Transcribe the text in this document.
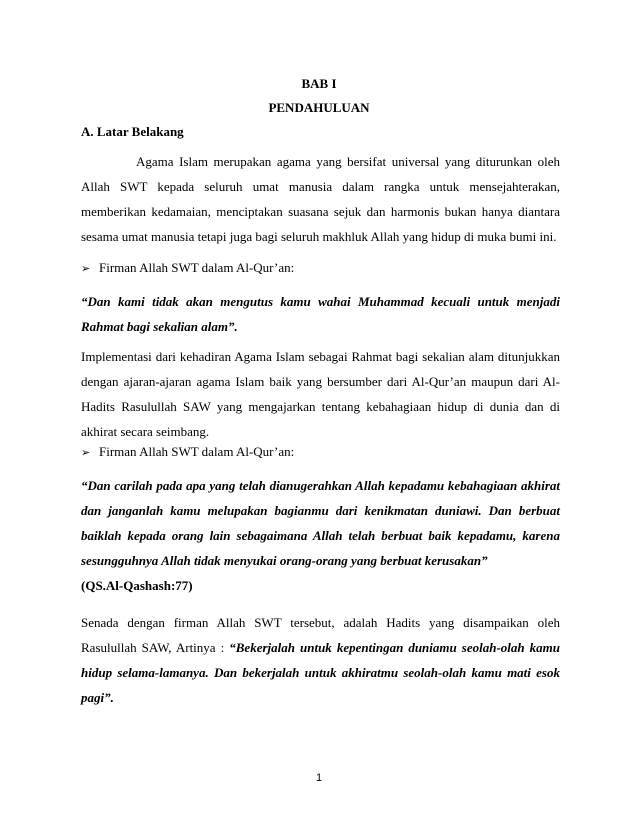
BAB I

PENDAHULUAN

A. Latar Belakang

Agama Islam merupakan agama yang bersifat universal yang diturunkan oleh Allah SWT kepada seluruh umat manusia dalam rangka untuk mensejahterakan, memberikan kedamaian, menciptakan suasana sejuk dan harmonis bukan hanya diantara sesama umat manusia tetapi juga bagi seluruh makhluk Allah yang hidup di muka bumi ini.

➢ Firman Allah SWT dalam Al-Qur’an:

“Dan kami tidak akan mengutus kamu wahai Muhammad kecuali untuk menjadi Rahmat bagi sekalian alam”.

Implementasi dari kehadiran Agama Islam sebagai Rahmat bagi sekalian alam ditunjukkan dengan ajaran-ajaran agama Islam baik yang bersumber dari Al-Qur’an maupun dari Al-Hadits Rasulullah SAW yang mengajarkan tentang kebahagiaan hidup di dunia dan di akhirat secara seimbang.

➢ Firman Allah SWT dalam Al-Qur’an:

“Dan carilah pada apa yang telah dianugerahkan Allah kepadamu kebahagiaan akhirat dan janganlah kamu melupakan bagianmu dari kenikmatan duniawi. Dan berbuat baiklah kepada orang lain sebagaimana Allah telah berbuat baik kepadamu, karena sesungguhnya Allah tidak menyukai orang-orang yang berbuat kerusakan”

(QS.Al-Qashash:77)

Senada dengan firman Allah SWT tersebut, adalah Hadits yang disampaikan oleh Rasulullah SAW, Artinya : “Bekerjalah untuk kepentingan duniamu seolah-olah kamu hidup selama-lamanya. Dan bekerjalah untuk akhiratmu seolah-olah kamu mati esok pagi”.

1
